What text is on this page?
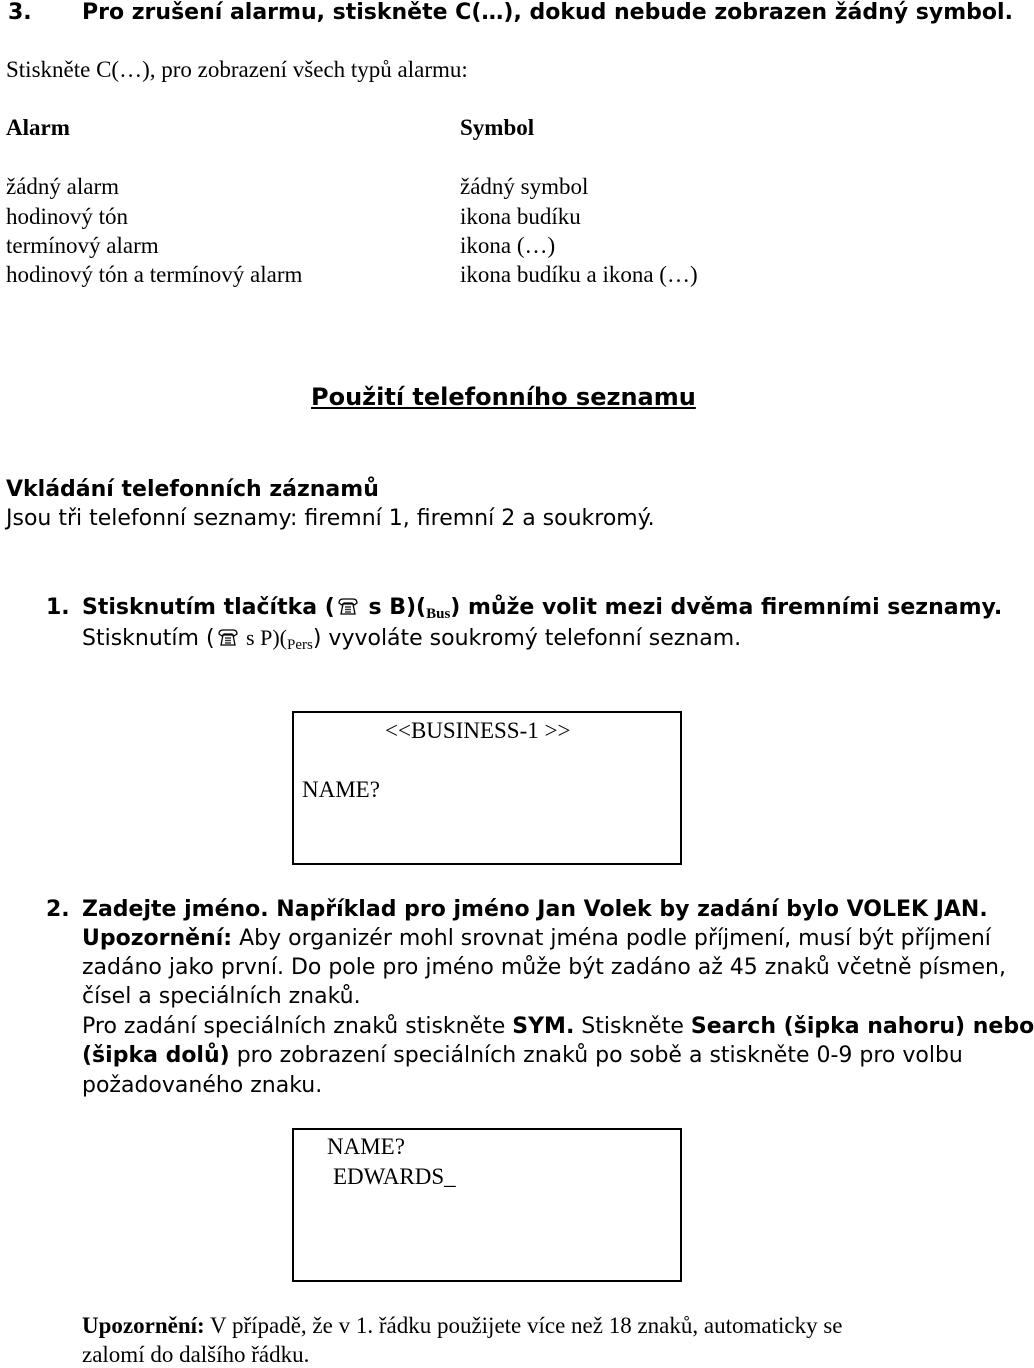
3. Pro zrušení alarmu, stiskněte C(…), dokud nebude zobrazen žádný symbol.
Stiskněte C(…), pro zobrazení všech typů alarmu:
Alarm	Symbol
žádný alarm	žádný symbol
hodinový tón	ikona budíku
termínový alarm	ikona (…)
hodinový tón a termínový alarm	ikona budíku a ikona (…)
Použití telefonního seznamu
Vkládání telefonních záznamů
Jsou tři telefonní seznamy: firemní 1, firemní 2 a soukromý.
1. Stisknutím tlačítka ( s $B)(_{Bus})$ může volit mezi dvěma firemními seznamy.
Stisknutím ( s $P)(_{Pers})$ vyvoláte soukromý telefonní seznam.
<<BUSINESS-1 >>
NAME?
2. Zadejte jméno. Například pro jméno Jan Volek by zadání bylo VOLEK JAN.
Upozornění: Aby organizér mohl srovnat jména podle příjmení, musí být příjmení
zadáno jako první. Do pole pro jméno může být zadáno až 45 znaků včetně písmen,
čísel a speciálních znaků.
Pro zadání speciálních znaků stiskněte SYM. Stiskněte Search (šipka nahoru) nebo
(šipka dolů) pro zobrazení speciálních znaků po sobě a stiskněte 0-9 pro volbu
požadovaného znaku.
NAME?
EDWARDS_
Upozornění: V případě, že v 1. řádku použijete více než 18 znaků, automaticky se
zalomí do dalšího řádku.
